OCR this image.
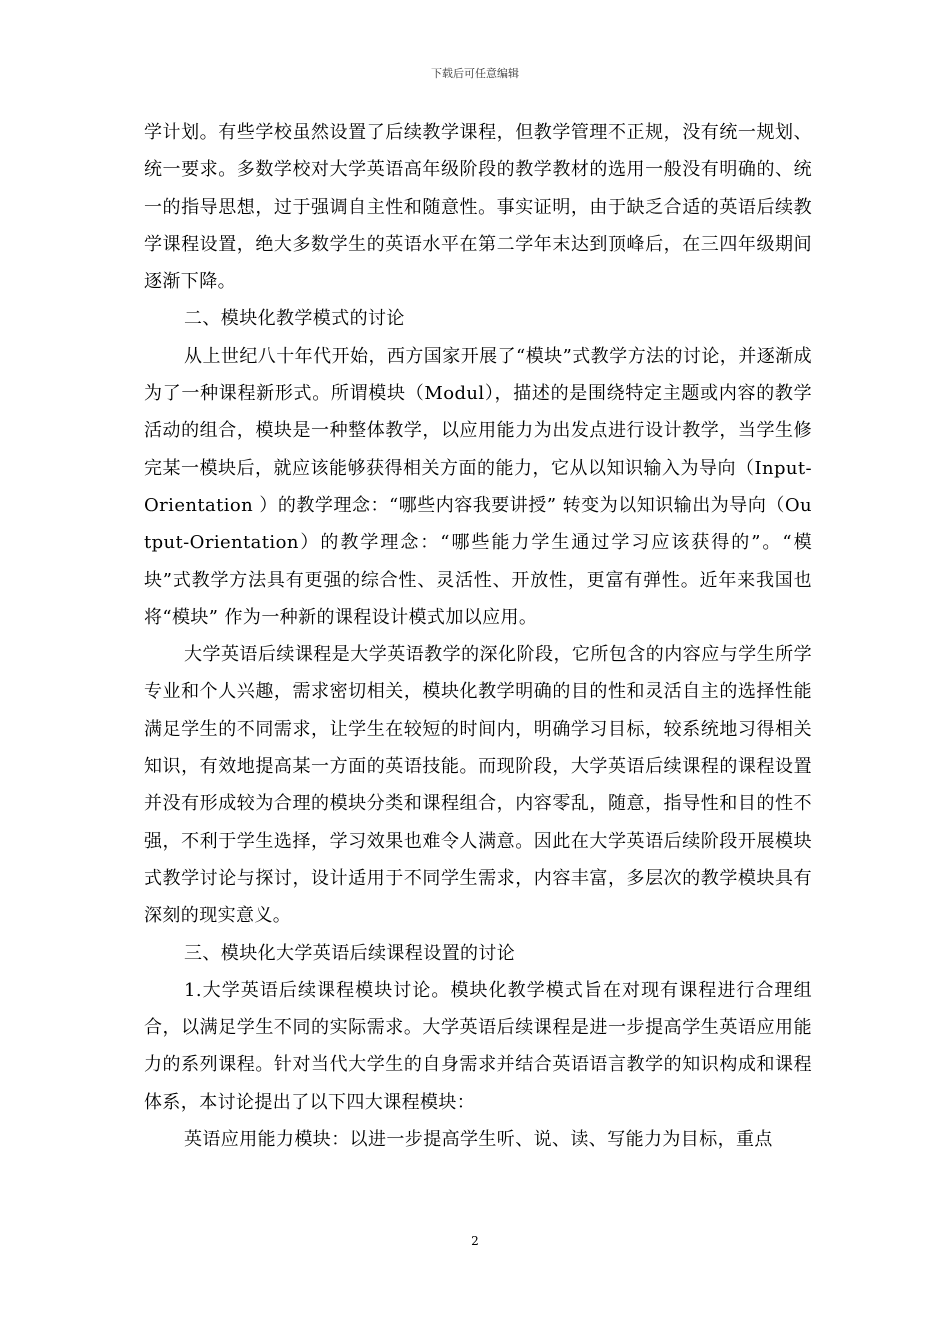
下载后可任意编辑

学计划。有些学校虽然设置了后续教学课程，但教学管理不正规，没有统一规划、统一要求。多数学校对大学英语高年级阶段的教学教材的选用一般没有明确的、统一的指导思想，过于强调自主性和随意性。事实证明，由于缺乏合适的英语后续教学课程设置，绝大多数学生的英语水平在第二学年末达到顶峰后，在三四年级期间逐渐下降。

二、模块化教学模式的讨论

从上世纪八十年代开始，西方国家开展了“模块”式教学方法的讨论，并逐渐成为了一种课程新形式。所谓模块（Modul），描述的是围绕特定主题或内容的教学活动的组合，模块是一种整体教学，以应用能力为出发点进行设计教学，当学生修完某一模块后，就应该能够获得相关方面的能力，它从以知识输入为导向（Input- Orientation ）的教学理念：“哪些内容我要讲授” 转变为以知识输出为导向（Output-Orientation）的教学理念：“哪些能力学生通过学习应该获得的”。“模块”式教学方法具有更强的综合性、灵活性、开放性，更富有弹性。近年来我国也将“模块” 作为一种新的课程设计模式加以应用。

大学英语后续课程是大学英语教学的深化阶段，它所包含的内容应与学生所学专业和个人兴趣，需求密切相关，模块化教学明确的目的性和灵活自主的选择性能满足学生的不同需求，让学生在较短的时间内，明确学习目标，较系统地习得相关知识，有效地提高某一方面的英语技能。而现阶段，大学英语后续课程的课程设置并没有形成较为合理的模块分类和课程组合，内容零乱，随意，指导性和目的性不强，不利于学生选择，学习效果也难令人满意。因此在大学英语后续阶段开展模块式教学讨论与探讨，设计适用于不同学生需求，内容丰富，多层次的教学模块具有深刻的现实意义。

三、模块化大学英语后续课程设置的讨论

1.大学英语后续课程模块讨论。模块化教学模式旨在对现有课程进行合理组合，以满足学生不同的实际需求。大学英语后续课程是进一步提高学生英语应用能力的系列课程。针对当代大学生的自身需求并结合英语语言教学的知识构成和课程体系，本讨论提出了以下四大课程模块：

英语应用能力模块：以进一步提高学生听、说、读、写能力为目标，重点

2
